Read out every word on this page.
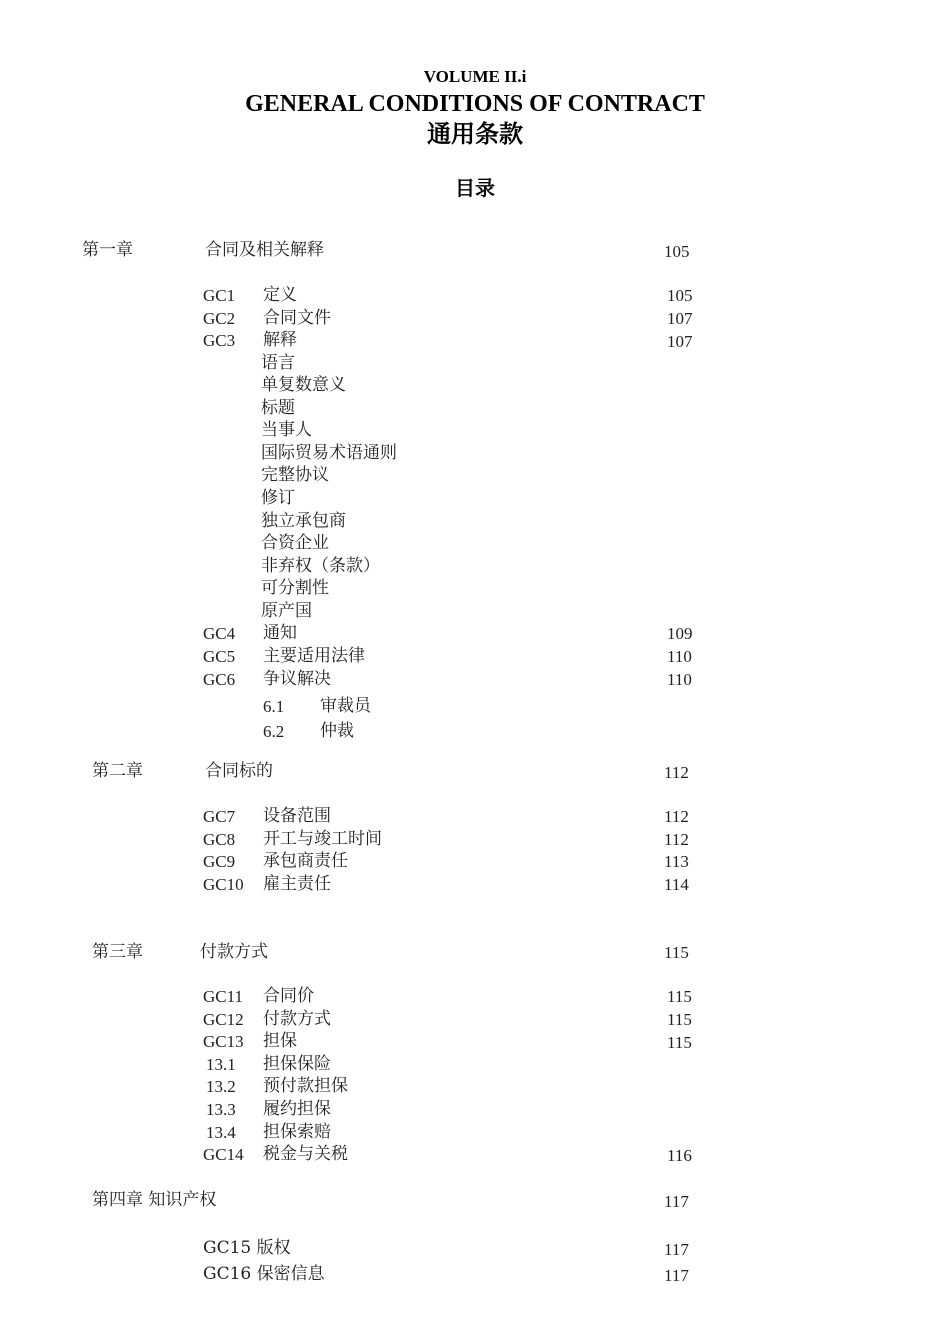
VOLUME II.i
GENERAL CONDITIONS OF CONTRACT
通用条款
目录
第一章	合同及相关解释	105
GC1 定义	105
GC2 合同文件	107
GC3 解释	107
语言
单复数意义
标题
当事人
国际贸易术语通则
完整协议
修订
独立承包商
合资企业
非弃权（条款）
可分割性
原产国
GC4 通知	109
GC5 主要适用法律	110
GC6 争议解决	110
6.1 审裁员
6.2 仲裁
第二章	合同标的	112
GC7 设备范围	112
GC8 开工与竣工时间	112
GC9 承包商责任	113
GC10 雇主责任	114
第三章	付款方式	115
GC11 合同价	115
GC12 付款方式	115
GC13 担保	115
13.1 担保保险
13.2 预付款担保
13.3 履约担保
13.4 担保索赔
GC14 税金与关税	116
第四章 知识产权	117
GC15 版权	117
GC16 保密信息	117
